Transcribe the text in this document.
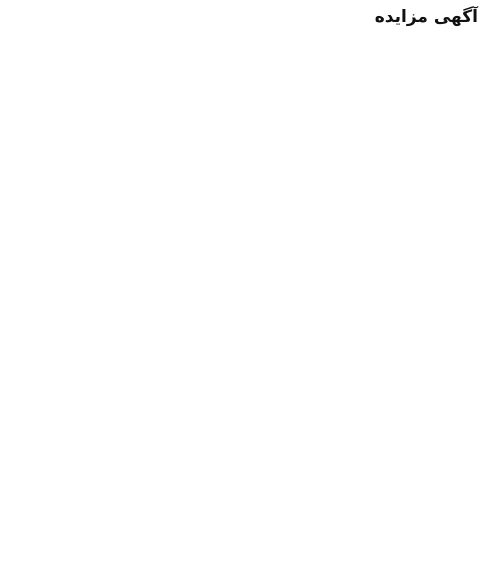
آگهی مزایده
